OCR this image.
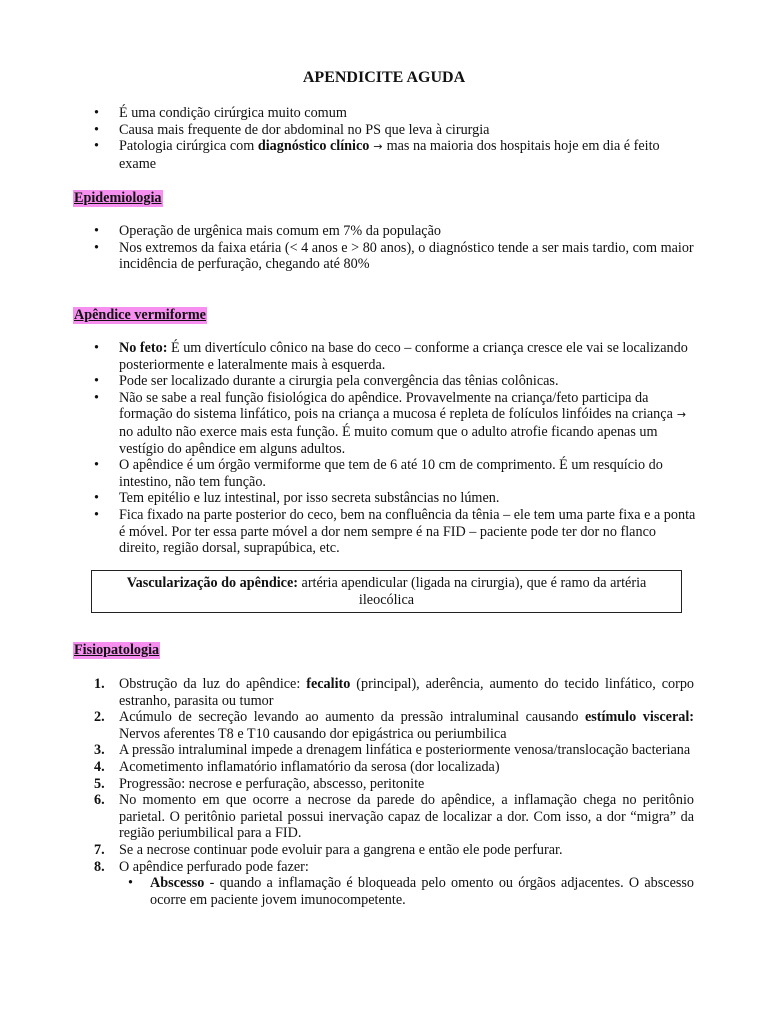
APENDICITE AGUDA
• É uma condição cirúrgica muito comum
• Causa mais frequente de dor abdominal no PS que leva à cirurgia
• Patologia cirúrgica com diagnóstico clínico → mas na maioria dos hospitais hoje em dia é feito exame
Epidemiologia
• Operação de urgênica mais comum em 7% da população
• Nos extremos da faixa etária (< 4 anos e > 80 anos), o diagnóstico tende a ser mais tardio, com maior incidência de perfuração, chegando até 80%
Apêndice vermiforme
• No feto: É um divertículo cônico na base do ceco – conforme a criança cresce ele vai se localizando posteriormente e lateralmente mais à esquerda.
• Pode ser localizado durante a cirurgia pela convergência das tênias colônicas.
• Não se sabe a real função fisiológica do apêndice. Provavelmente na criança/feto participa da formação do sistema linfático, pois na criança a mucosa é repleta de folículos linfóides na criança →no adulto não exerce mais esta função. É muito comum que o adulto atrofie ficando apenas um vestígio do apêndice em alguns adultos.
• O apêndice é um órgão vermiforme que tem de 6 até 10 cm de comprimento. É um resquício do intestino, não tem função.
• Tem epitélio e luz intestinal, por isso secreta substâncias no lúmen.
• Fica fixado na parte posterior do ceco, bem na confluência da tênia – ele tem uma parte fixa e a ponta é móvel. Por ter essa parte móvel a dor nem sempre é na FID – paciente pode ter dor no flanco direito, região dorsal, suprapúbica, etc.
Vascularização do apêndice: artéria apendicular (ligada na cirurgia), que é ramo da artéria ileocólica
Fisiopatologia
1. Obstrução da luz do apêndice: fecalito (principal), aderência, aumento do tecido linfático, corpo estranho, parasita ou tumor
2. Acúmulo de secreção levando ao aumento da pressão intraluminal causando estímulo visceral: Nervos aferentes T8 e T10 causando dor epigástrica ou periumbilica
3. A pressão intraluminal impede a drenagem linfática e posteriormente venosa/translocação bacteriana
4. Acometimento inflamatório inflamatório da serosa (dor localizada)
5. Progressão: necrose e perfuração, abscesso, peritonite
6. No momento em que ocorre a necrose da parede do apêndice, a inflamação chega no peritônio parietal. O peritônio parietal possui inervação capaz de localizar a dor. Com isso, a dor “migra” da região periumbilical para a FID.
7. Se a necrose continuar pode evoluir para a gangrena e então ele pode perfurar.
8. O apêndice perfurado pode fazer:
• Abscesso - quando a inflamação é bloqueada pelo omento ou órgãos adjacentes. O abscesso ocorre em paciente jovem imunocompetente.
